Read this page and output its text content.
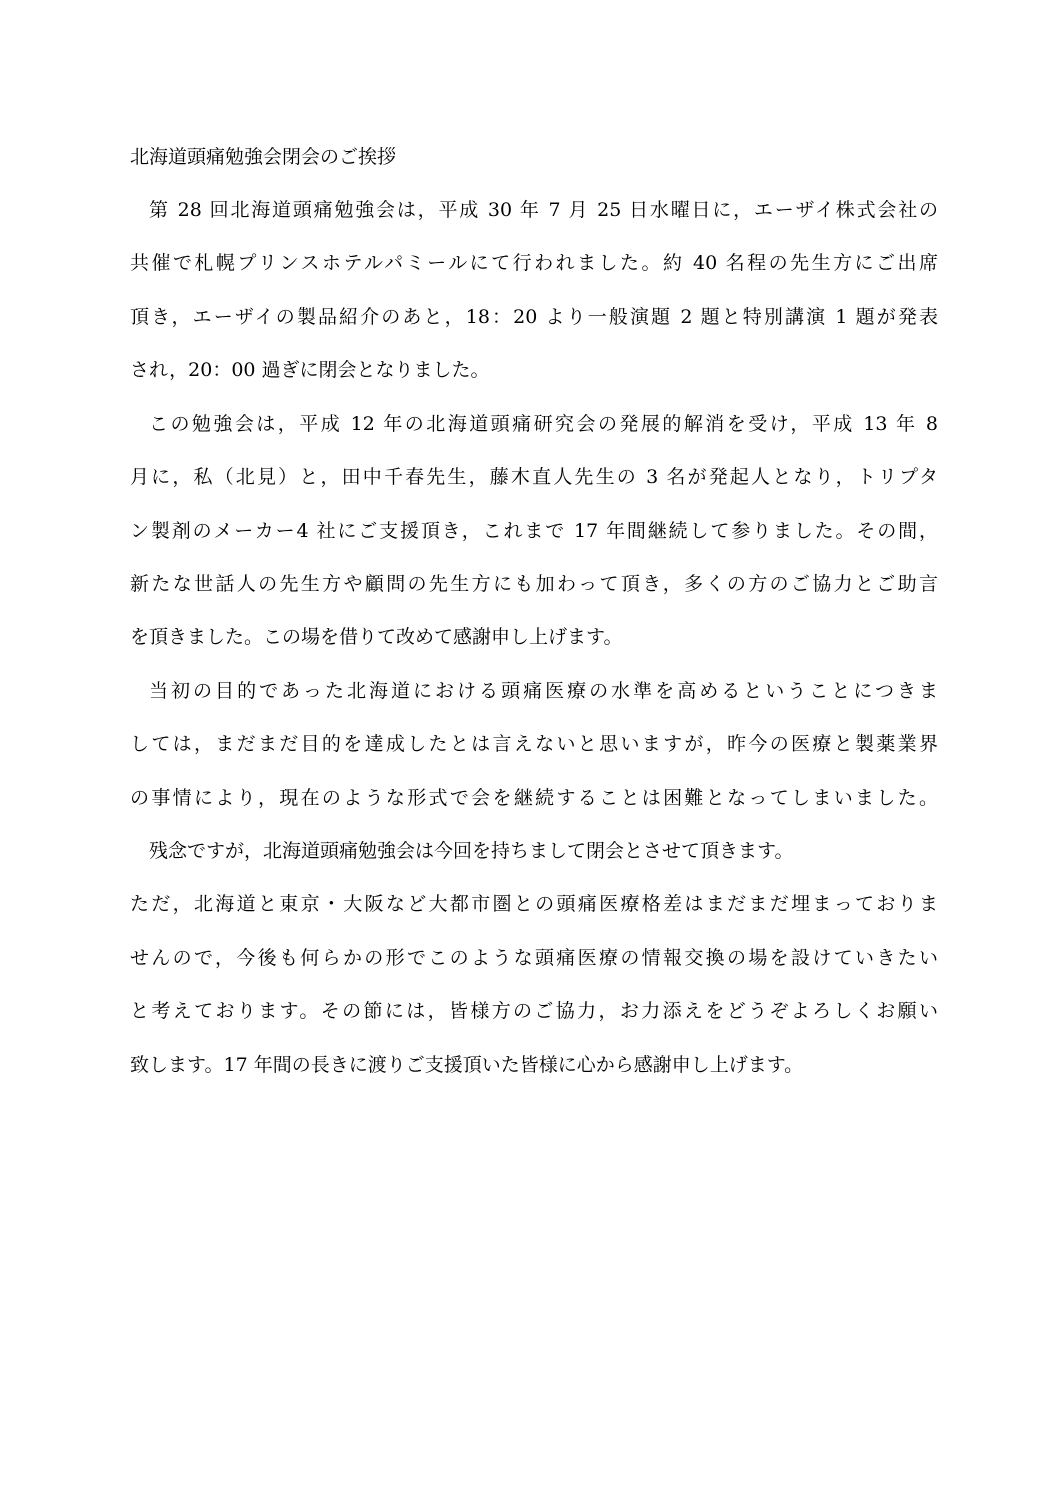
北海道頭痛勉強会閉会のご挨拶
第 28 回北海道頭痛勉強会は，平成 30 年 7 月 25 日水曜日に，エーザイ株式会社の
共催で札幌プリンスホテルパミールにて行われました。約 40 名程の先生方にご出席
頂き，エーザイの製品紹介のあと，18：20 より一般演題 2 題と特別講演 1 題が発表
され，20：00 過ぎに閉会となりました。
この勉強会は，平成 12 年の北海道頭痛研究会の発展的解消を受け，平成 13 年 8
月に，私（北見）と，田中千春先生，藤木直人先生の 3 名が発起人となり，トリプタ
ン製剤のメーカー4 社にご支援頂き，これまで 17 年間継続して参りました。その間，
新たな世話人の先生方や顧問の先生方にも加わって頂き，多くの方のご協力とご助言
を頂きました。この場を借りて改めて感謝申し上げます。
当初の目的であった北海道における頭痛医療の水準を高めるということにつきま
しては，まだまだ目的を達成したとは言えないと思いますが，昨今の医療と製薬業界
の事情により，現在のような形式で会を継続することは困難となってしまいました。
残念ですが，北海道頭痛勉強会は今回を持ちまして閉会とさせて頂きます。
ただ，北海道と東京・大阪など大都市圏との頭痛医療格差はまだまだ埋まっておりま
せんので，今後も何らかの形でこのような頭痛医療の情報交換の場を設けていきたい
と考えております。その節には，皆様方のご協力，お力添えをどうぞよろしくお願い
致します。17 年間の長きに渡りご支援頂いた皆様に心から感謝申し上げます。
